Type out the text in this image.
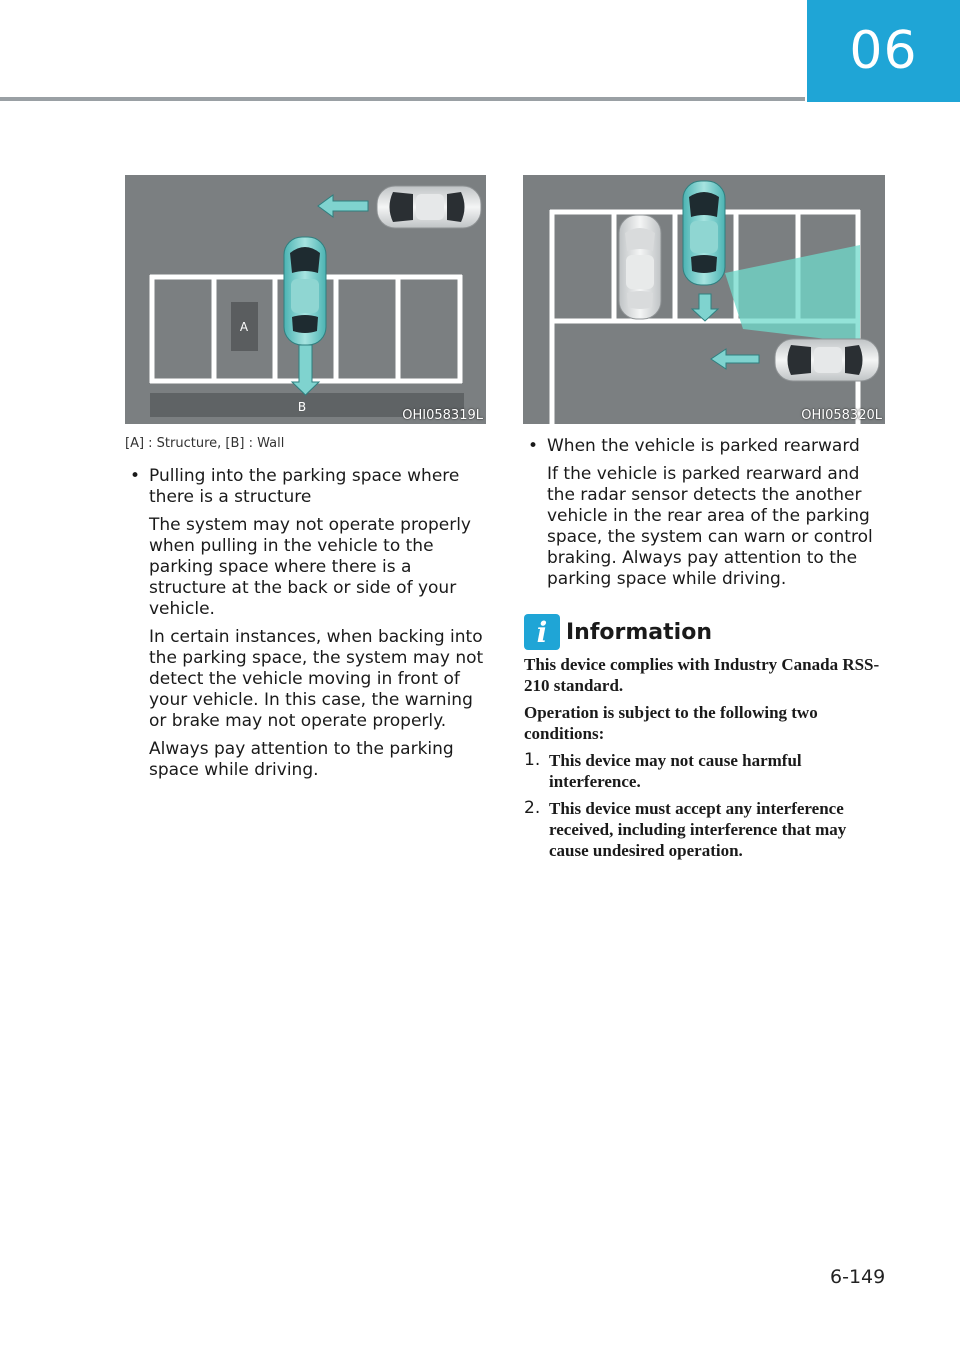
06
B
A
OHI058319L
[A] : Structure, [B] : Wall
• Pulling into the parking space where
there is a structure

The system may not operate properly when pulling in the vehicle to the parking space where there is a structure at the back or side of your vehicle.

In certain instances, when backing into the parking space, the system may not detect the vehicle moving in front of your vehicle. In this case, the warning or brake may not operate properly.

Always pay attention to the parking space while driving.

OHI058320L
• When the vehicle is parked rearward

If the vehicle is parked rearward and the radar sensor detects the another vehicle in the rear area of the parking space, the system can warn or control braking. Always pay attention to the parking space while driving.

i Information

This device complies with Industry Canada RSS-210 standard.

Operation is subject to the following two conditions:

1. This device may not cause harmful interference.
2. This device must accept any interference received, including interference that may cause undesired operation.
6-149
